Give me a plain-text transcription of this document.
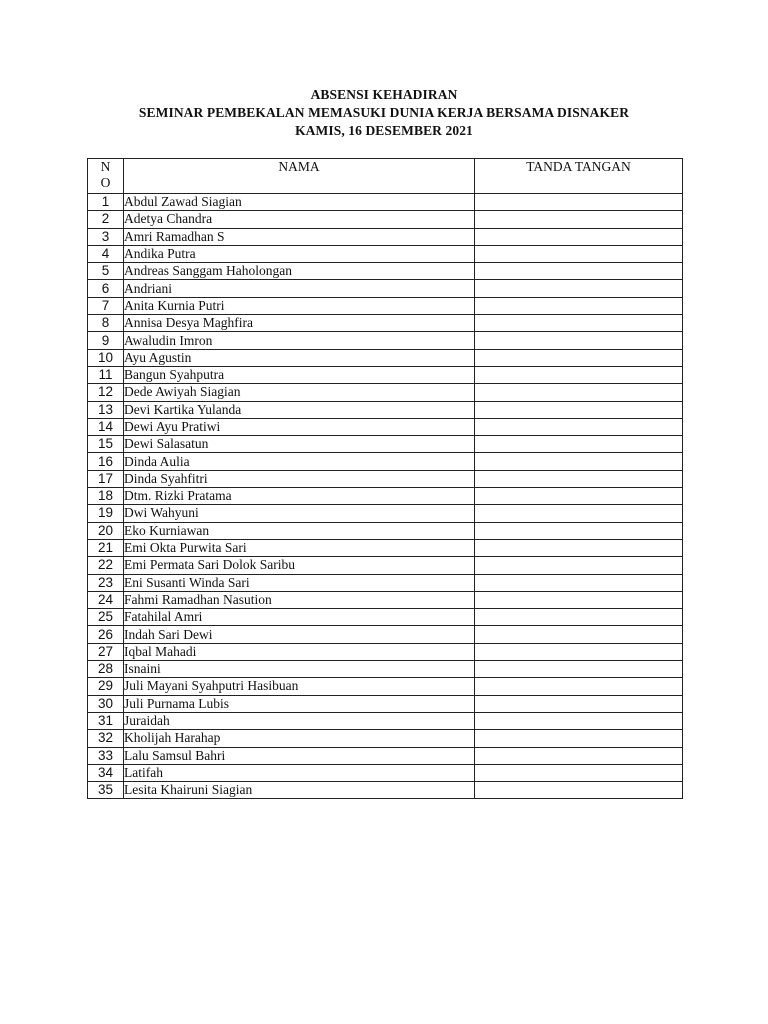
ABSENSI KEHADIRAN
SEMINAR PEMBEKALAN MEMASUKI DUNIA KERJA BERSAMA DISNAKER
KAMIS, 16 DESEMBER 2021
N
O	NAMA	TANDA TANGAN
1	Abdul Zawad Siagian	
2	Adetya Chandra	
3	Amri Ramadhan S	
4	Andika Putra	
5	Andreas Sanggam Haholongan	
6	Andriani	
7	Anita Kurnia Putri	
8	Annisa Desya Maghfira	
9	Awaludin Imron	
10	Ayu Agustin	
11	Bangun Syahputra	
12	Dede Awiyah Siagian	
13	Devi Kartika Yulanda	
14	Dewi Ayu Pratiwi	
15	Dewi Salasatun	
16	Dinda Aulia	
17	Dinda Syahfitri	
18	Dtm. Rizki Pratama	
19	Dwi Wahyuni	
20	Eko Kurniawan	
21	Emi Okta Purwita Sari	
22	Emi Permata Sari Dolok Saribu	
23	Eni Susanti Winda Sari	
24	Fahmi Ramadhan Nasution	
25	Fatahilal Amri	
26	Indah Sari Dewi	
27	Iqbal Mahadi	
28	Isnaini	
29	Juli Mayani Syahputri Hasibuan	
30	Juli Purnama Lubis	
31	Juraidah	
32	Kholijah Harahap	
33	Lalu Samsul Bahri	
34	Latifah	
35	Lesita Khairuni Siagian	
